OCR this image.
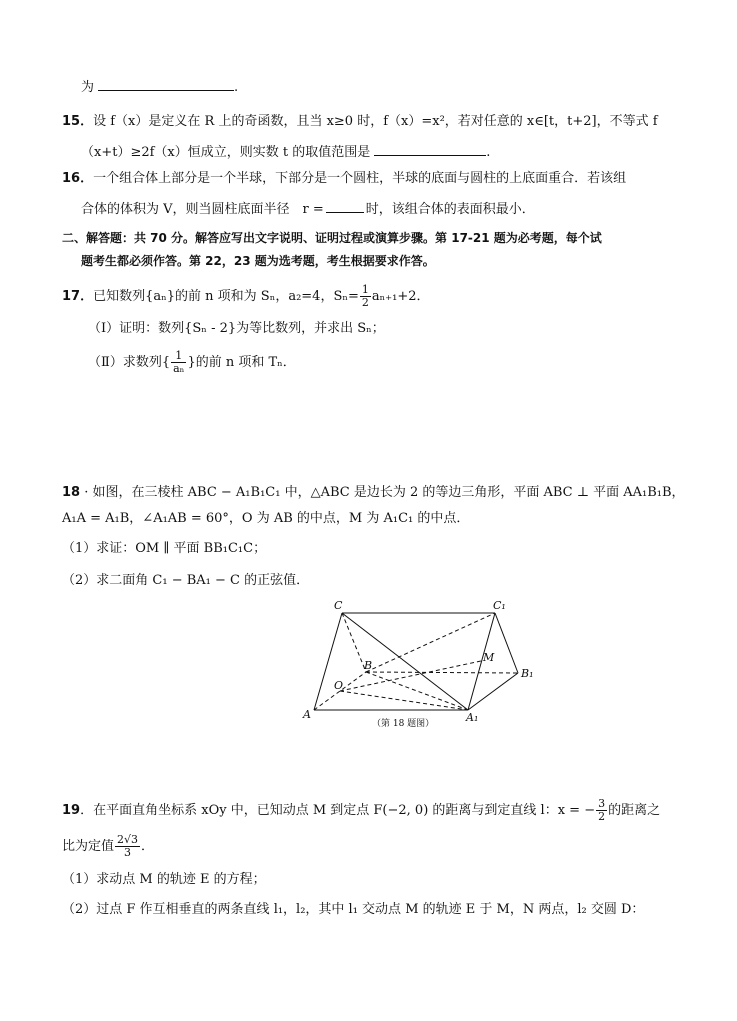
为	.
15．设 f（x）是定义在 R 上的奇函数，且当 x≥0 时，f（x）=x²，若对任意的 x∈[t，t+2]，不等式 f
（x+t）≥2f（x）恒成立，则实数 t 的取值范围是	.
16．一个组合体上部分是一个半球，下部分是一个圆柱，半球的底面与圆柱的上底面重合．若该组
合体的体积为 V，则当圆柱底面半径　r =	时，该组合体的表面积最小．
二、解答题：共 70 分。解答应写出文字说明、证明过程或演算步骤。第 17-21 题为必考题，每个试
题考生都必须作答。第 22，23 题为选考题，考生根据要求作答。
17．已知数列{aₙ}的前 n 项和为 Sₙ，a₂=4，$S_n= \frac{1}{2} a_{n+1}+2$．
（Ⅰ）证明：数列{Sₙ - 2}为等比数列，并求出 Sₙ；
（Ⅱ）求数列{ $\frac{1}{\text{aₙ}}$ }的前 n 项和 Tₙ．
18 · 如图，在三棱柱 ABC − A₁B₁C₁ 中，△ABC 是边长为 2 的等边三角形，平面 ABC ⊥ 平面 AA₁B₁B，
A₁A = A₁B，∠A₁AB = 60°，O 为 AB 的中点，M 为 A₁C₁ 的中点．
（1）求证：OM ∥ 平面 BB₁C₁C；
（2）求二面角 C₁ − BA₁ − C 的正弦值．
C	C₁
B
M
B₁
O
A	A₁
（第 18 题图）
19．在平面直角坐标系 xOy 中，已知动点 M 到定点 F(−2, 0) 的距离与到定直线 l：x = − $\frac{3}{2}$ 的距离之
比为定值 $\frac{2√3}{3}$ ．
（1）求动点 M 的轨迹 E 的方程；
（2）过点 F 作互相垂直的两条直线 l₁，l₂，其中 l₁ 交动点 M 的轨迹 E 于 M，N 两点，l₂ 交圆 D：
